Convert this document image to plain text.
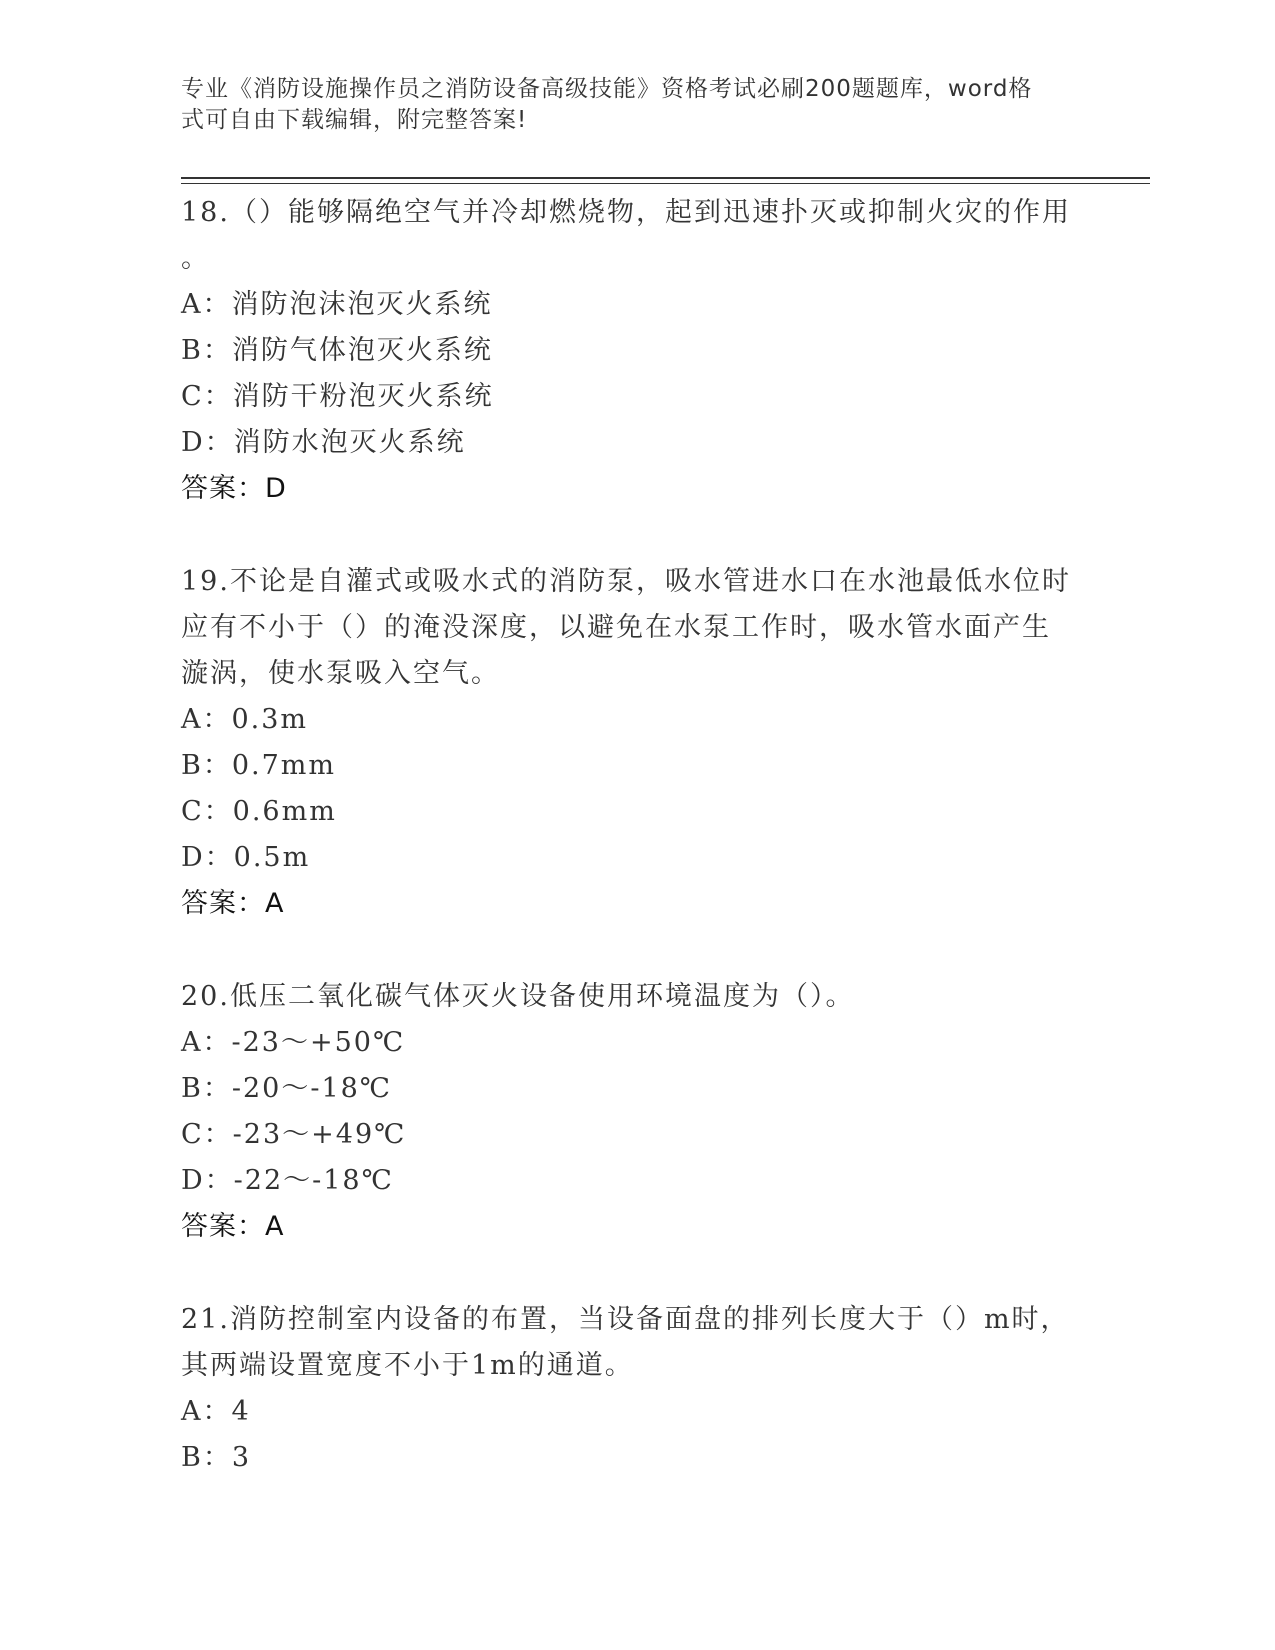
专业《消防设施操作员之消防设备高级技能》资格考试必刷200题题库，word格

式可自由下载编辑，附完整答案!

18.（）能够隔绝空气并冷却燃烧物，起到迅速扑灭或抑制火灾的作用
。
A：消防泡沫泡灭火系统
B：消防气体泡灭火系统
C：消防干粉泡灭火系统
D：消防水泡灭火系统
答案：D
19.不论是自灌式或吸水式的消防泵，吸水管进水口在水池最低水位时
应有不小于（）的淹没深度，以避免在水泵工作时，吸水管水面产生
漩涡，使水泵吸入空气。
A：0.3m
B：0.7mm
C：0.6mm
D：0.5m
答案：A
20.低压二氧化碳气体灭火设备使用环境温度为（）。
A：-23～+50℃
B：-20～-18℃
C：-23～+49℃
D：-22～-18℃
答案：A
21.消防控制室内设备的布置，当设备面盘的排列长度大于（）m时，
其两端设置宽度不小于1m的通道。
A：4
B：3
